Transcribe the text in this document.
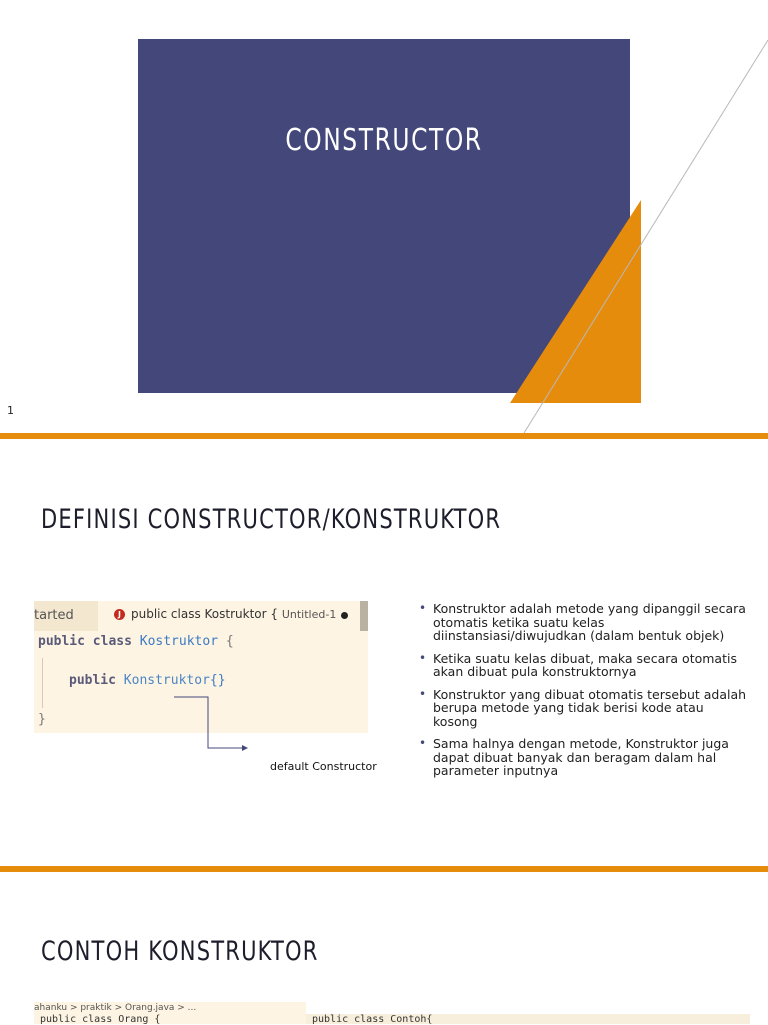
CONSTRUCTOR
1
DEFINISI CONSTRUCTOR/KONSTRUKTOR
tarted	J public class Kostruktor { Untitled-1
public class Kostruktor {
public Konstruktor{}
}
default Constructor
• Konstruktor adalah metode yang dipanggil secara otomatis ketika suatu kelas diinstansiasi/diwujudkan (dalam bentuk objek)
• Ketika suatu kelas dibuat, maka secara otomatis akan dibuat pula konstruktornya
• Konstruktor yang dibuat otomatis tersebut adalah berupa metode yang tidak berisi kode atau kosong
• Sama halnya dengan metode, Konstruktor juga dapat dibuat banyak dan beragam dalam hal parameter inputnya
CONTOH KONSTRUKTOR
ahanku > praktik > Orang.java > ...
public class Orang {	public class Contoh{
